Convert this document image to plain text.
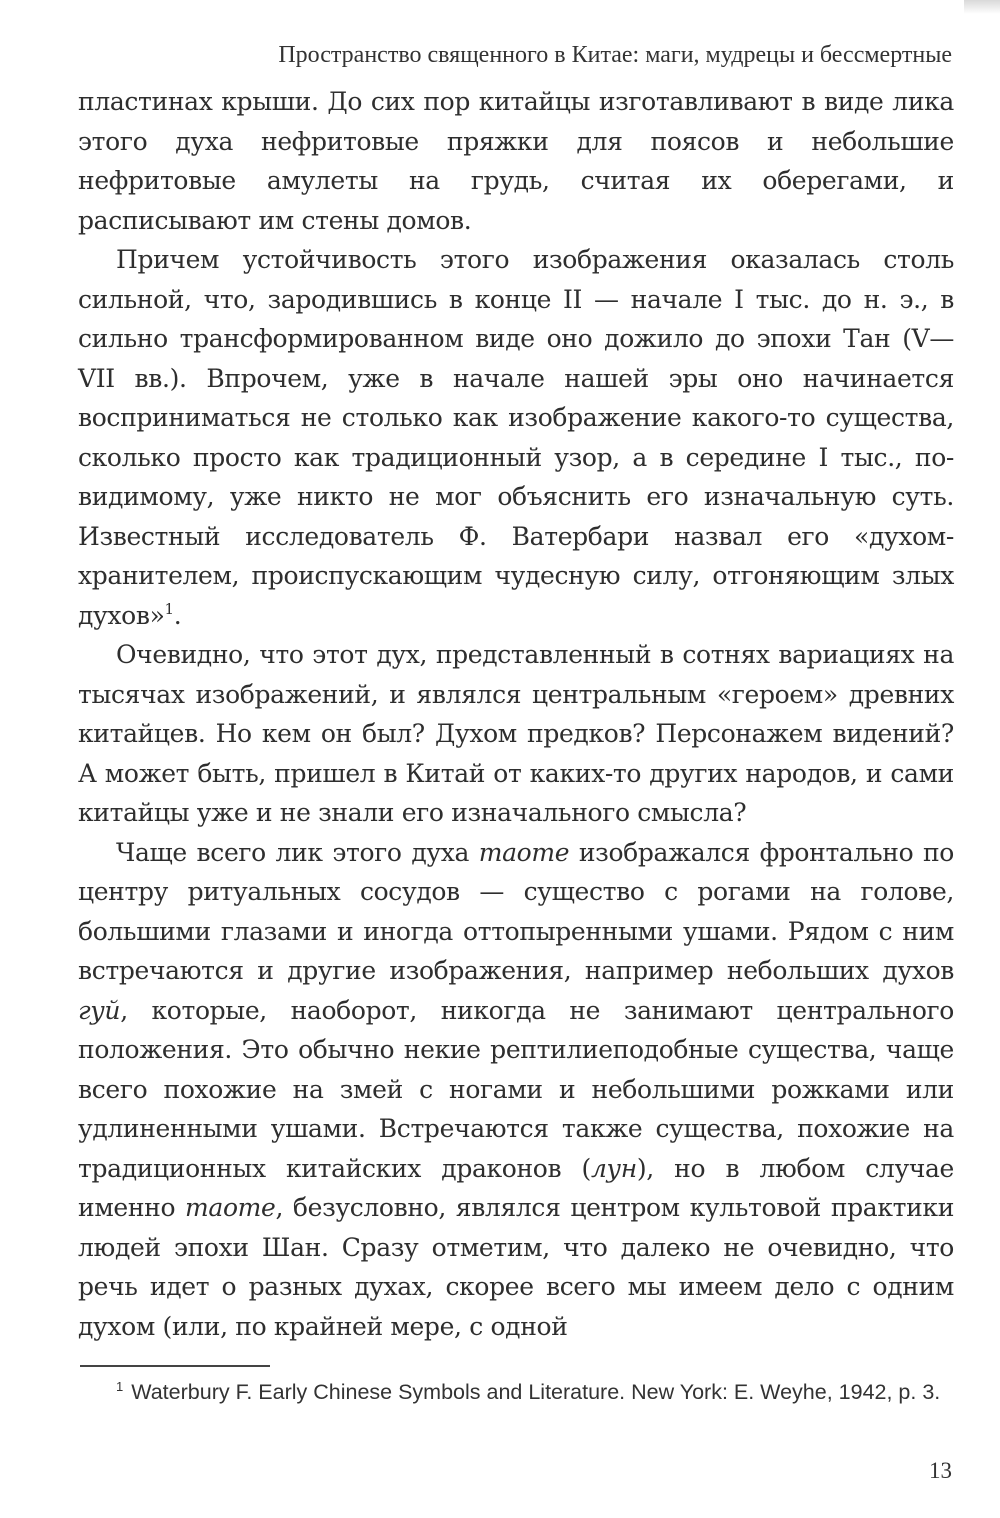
Пространство священного в Китае: маги, мудрецы и бессмертные

пластинах крыши. До сих пор китайцы изготавливают в виде лика этого духа нефритовые пряжки для поясов и небольшие нефритовые амулеты на грудь, считая их оберегами, и расписывают им стены домов.

Причем устойчивость этого изображения оказалась столь сильной, что, зародившись в конце II — начале I тыс. до н. э., в сильно трансформированном виде оно дожило до эпохи Тан (V—VII вв.). Впрочем, уже в начале нашей эры оно начинается восприниматься не столько как изображение какого-то существа, сколько просто как традиционный узор, а в середине I тыс., по-видимому, уже никто не мог объяснить его изначальную суть. Известный исследователь Ф. Ватербари назвал его «духом-хранителем, происпускающим чудесную силу, отгоняющим злых духов»$^1$.

Очевидно, что этот дух, представленный в сотнях вариациях на тысячах изображений, и являлся центральным «героем» древних китайцев. Но кем он был? Духом предков? Персонажем видений? А может быть, пришел в Китай от каких-то других народов, и сами китайцы уже и не знали его изначального смысла?

Чаще всего лик этого духа таоте изображался фронтально по центру ритуальных сосудов — существо с рогами на голове, большими глазами и иногда оттопыренными ушами. Рядом с ним встречаются и другие изображения, например небольших духов гуй, которые, наоборот, никогда не занимают центрального положения. Это обычно некие рептилиеподобные существа, чаще всего похожие на змей с ногами и небольшими рожками или удлиненными ушами. Встречаются также существа, похожие на традиционных китайских драконов (лун), но в любом случае именно таоте, безусловно, являлся центром культовой практики людей эпохи Шан. Сразу отметим, что далеко не очевидно, что речь идет о разных духах, скорее всего мы имеем дело с одним духом (или, по крайней мере, с одной

$^1$ Waterbury F. Early Chinese Symbols and Literature. New York: E. Weyhe, 1942, p. 3.
13
